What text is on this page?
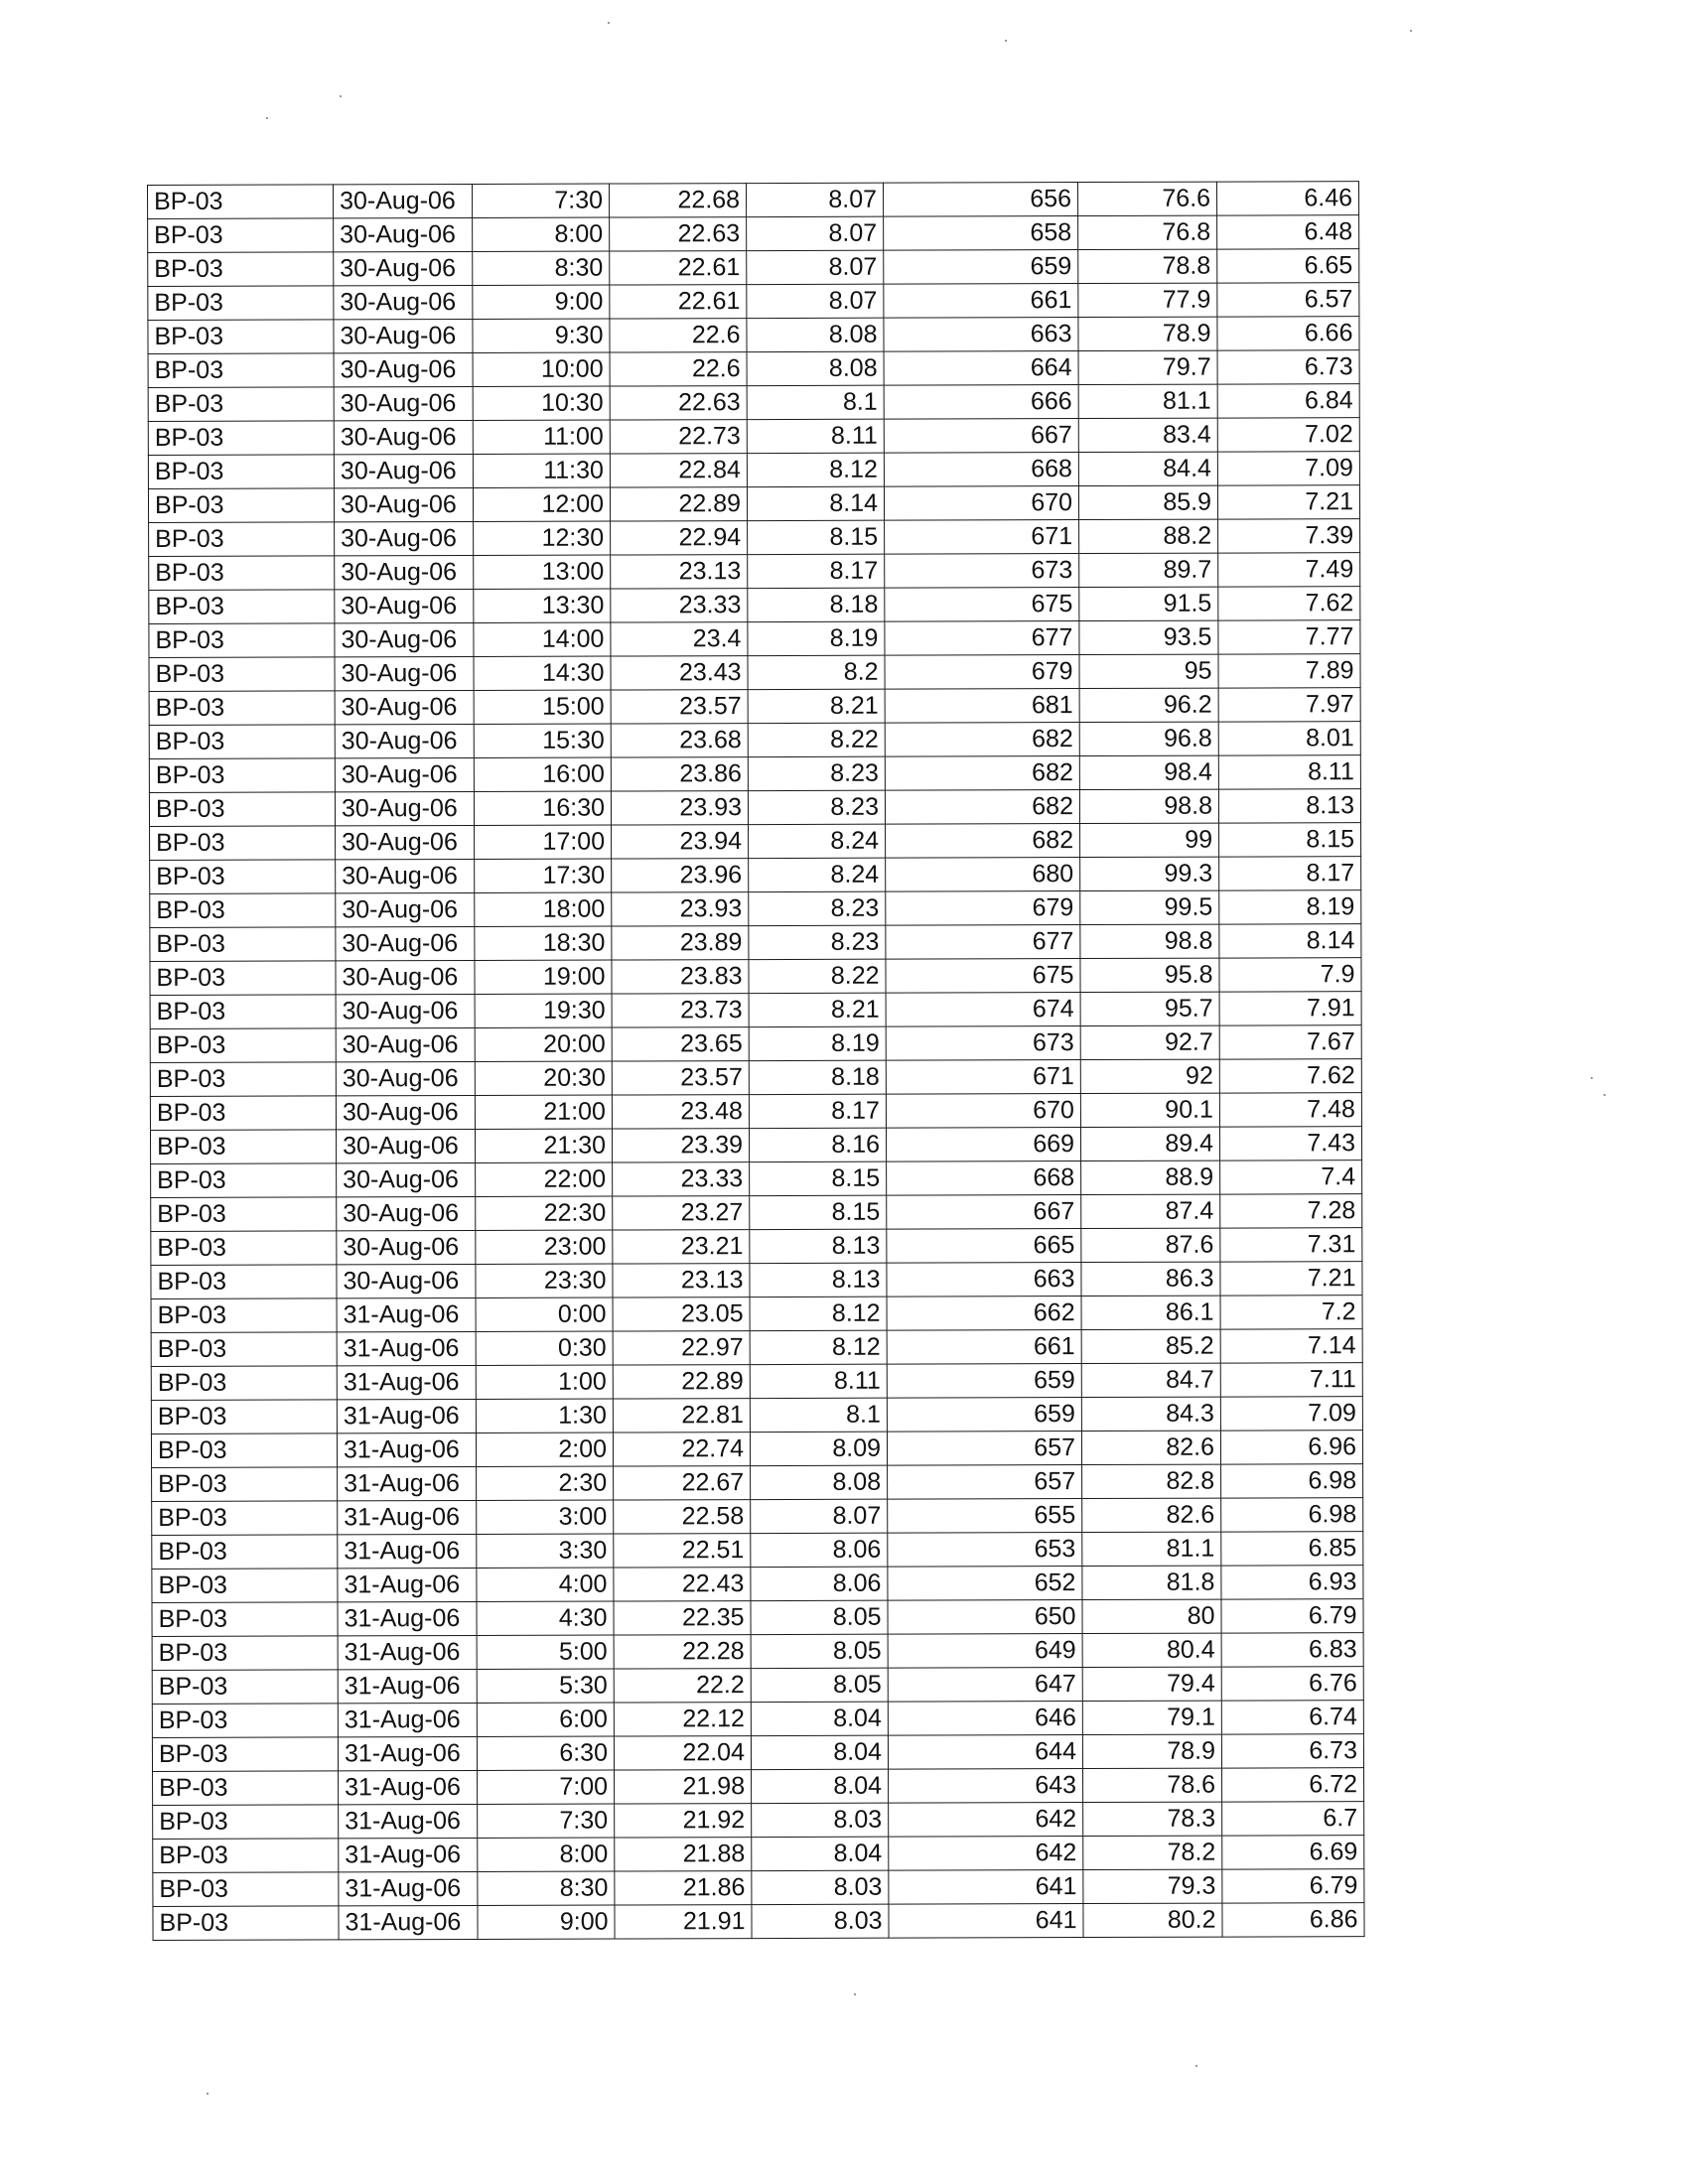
BP-03	30-Aug-06	7:30	22.68	8.07	656	76.6	6.46
BP-03	30-Aug-06	8:00	22.63	8.07	658	76.8	6.48
BP-03	30-Aug-06	8:30	22.61	8.07	659	78.8	6.65
BP-03	30-Aug-06	9:00	22.61	8.07	661	77.9	6.57
BP-03	30-Aug-06	9:30	22.6	8.08	663	78.9	6.66
BP-03	30-Aug-06	10:00	22.6	8.08	664	79.7	6.73
BP-03	30-Aug-06	10:30	22.63	8.1	666	81.1	6.84
BP-03	30-Aug-06	11:00	22.73	8.11	667	83.4	7.02
BP-03	30-Aug-06	11:30	22.84	8.12	668	84.4	7.09
BP-03	30-Aug-06	12:00	22.89	8.14	670	85.9	7.21
BP-03	30-Aug-06	12:30	22.94	8.15	671	88.2	7.39
BP-03	30-Aug-06	13:00	23.13	8.17	673	89.7	7.49
BP-03	30-Aug-06	13:30	23.33	8.18	675	91.5	7.62
BP-03	30-Aug-06	14:00	23.4	8.19	677	93.5	7.77
BP-03	30-Aug-06	14:30	23.43	8.2	679	95	7.89
BP-03	30-Aug-06	15:00	23.57	8.21	681	96.2	7.97
BP-03	30-Aug-06	15:30	23.68	8.22	682	96.8	8.01
BP-03	30-Aug-06	16:00	23.86	8.23	682	98.4	8.11
BP-03	30-Aug-06	16:30	23.93	8.23	682	98.8	8.13
BP-03	30-Aug-06	17:00	23.94	8.24	682	99	8.15
BP-03	30-Aug-06	17:30	23.96	8.24	680	99.3	8.17
BP-03	30-Aug-06	18:00	23.93	8.23	679	99.5	8.19
BP-03	30-Aug-06	18:30	23.89	8.23	677	98.8	8.14
BP-03	30-Aug-06	19:00	23.83	8.22	675	95.8	7.9
BP-03	30-Aug-06	19:30	23.73	8.21	674	95.7	7.91
BP-03	30-Aug-06	20:00	23.65	8.19	673	92.7	7.67
BP-03	30-Aug-06	20:30	23.57	8.18	671	92	7.62
BP-03	30-Aug-06	21:00	23.48	8.17	670	90.1	7.48
BP-03	30-Aug-06	21:30	23.39	8.16	669	89.4	7.43
BP-03	30-Aug-06	22:00	23.33	8.15	668	88.9	7.4
BP-03	30-Aug-06	22:30	23.27	8.15	667	87.4	7.28
BP-03	30-Aug-06	23:00	23.21	8.13	665	87.6	7.31
BP-03	30-Aug-06	23:30	23.13	8.13	663	86.3	7.21
BP-03	31-Aug-06	0:00	23.05	8.12	662	86.1	7.2
BP-03	31-Aug-06	0:30	22.97	8.12	661	85.2	7.14
BP-03	31-Aug-06	1:00	22.89	8.11	659	84.7	7.11
BP-03	31-Aug-06	1:30	22.81	8.1	659	84.3	7.09
BP-03	31-Aug-06	2:00	22.74	8.09	657	82.6	6.96
BP-03	31-Aug-06	2:30	22.67	8.08	657	82.8	6.98
BP-03	31-Aug-06	3:00	22.58	8.07	655	82.6	6.98
BP-03	31-Aug-06	3:30	22.51	8.06	653	81.1	6.85
BP-03	31-Aug-06	4:00	22.43	8.06	652	81.8	6.93
BP-03	31-Aug-06	4:30	22.35	8.05	650	80	6.79
BP-03	31-Aug-06	5:00	22.28	8.05	649	80.4	6.83
BP-03	31-Aug-06	5:30	22.2	8.05	647	79.4	6.76
BP-03	31-Aug-06	6:00	22.12	8.04	646	79.1	6.74
BP-03	31-Aug-06	6:30	22.04	8.04	644	78.9	6.73
BP-03	31-Aug-06	7:00	21.98	8.04	643	78.6	6.72
BP-03	31-Aug-06	7:30	21.92	8.03	642	78.3	6.7
BP-03	31-Aug-06	8:00	21.88	8.04	642	78.2	6.69
BP-03	31-Aug-06	8:30	21.86	8.03	641	79.3	6.79
BP-03	31-Aug-06	9:00	21.91	8.03	641	80.2	6.86
